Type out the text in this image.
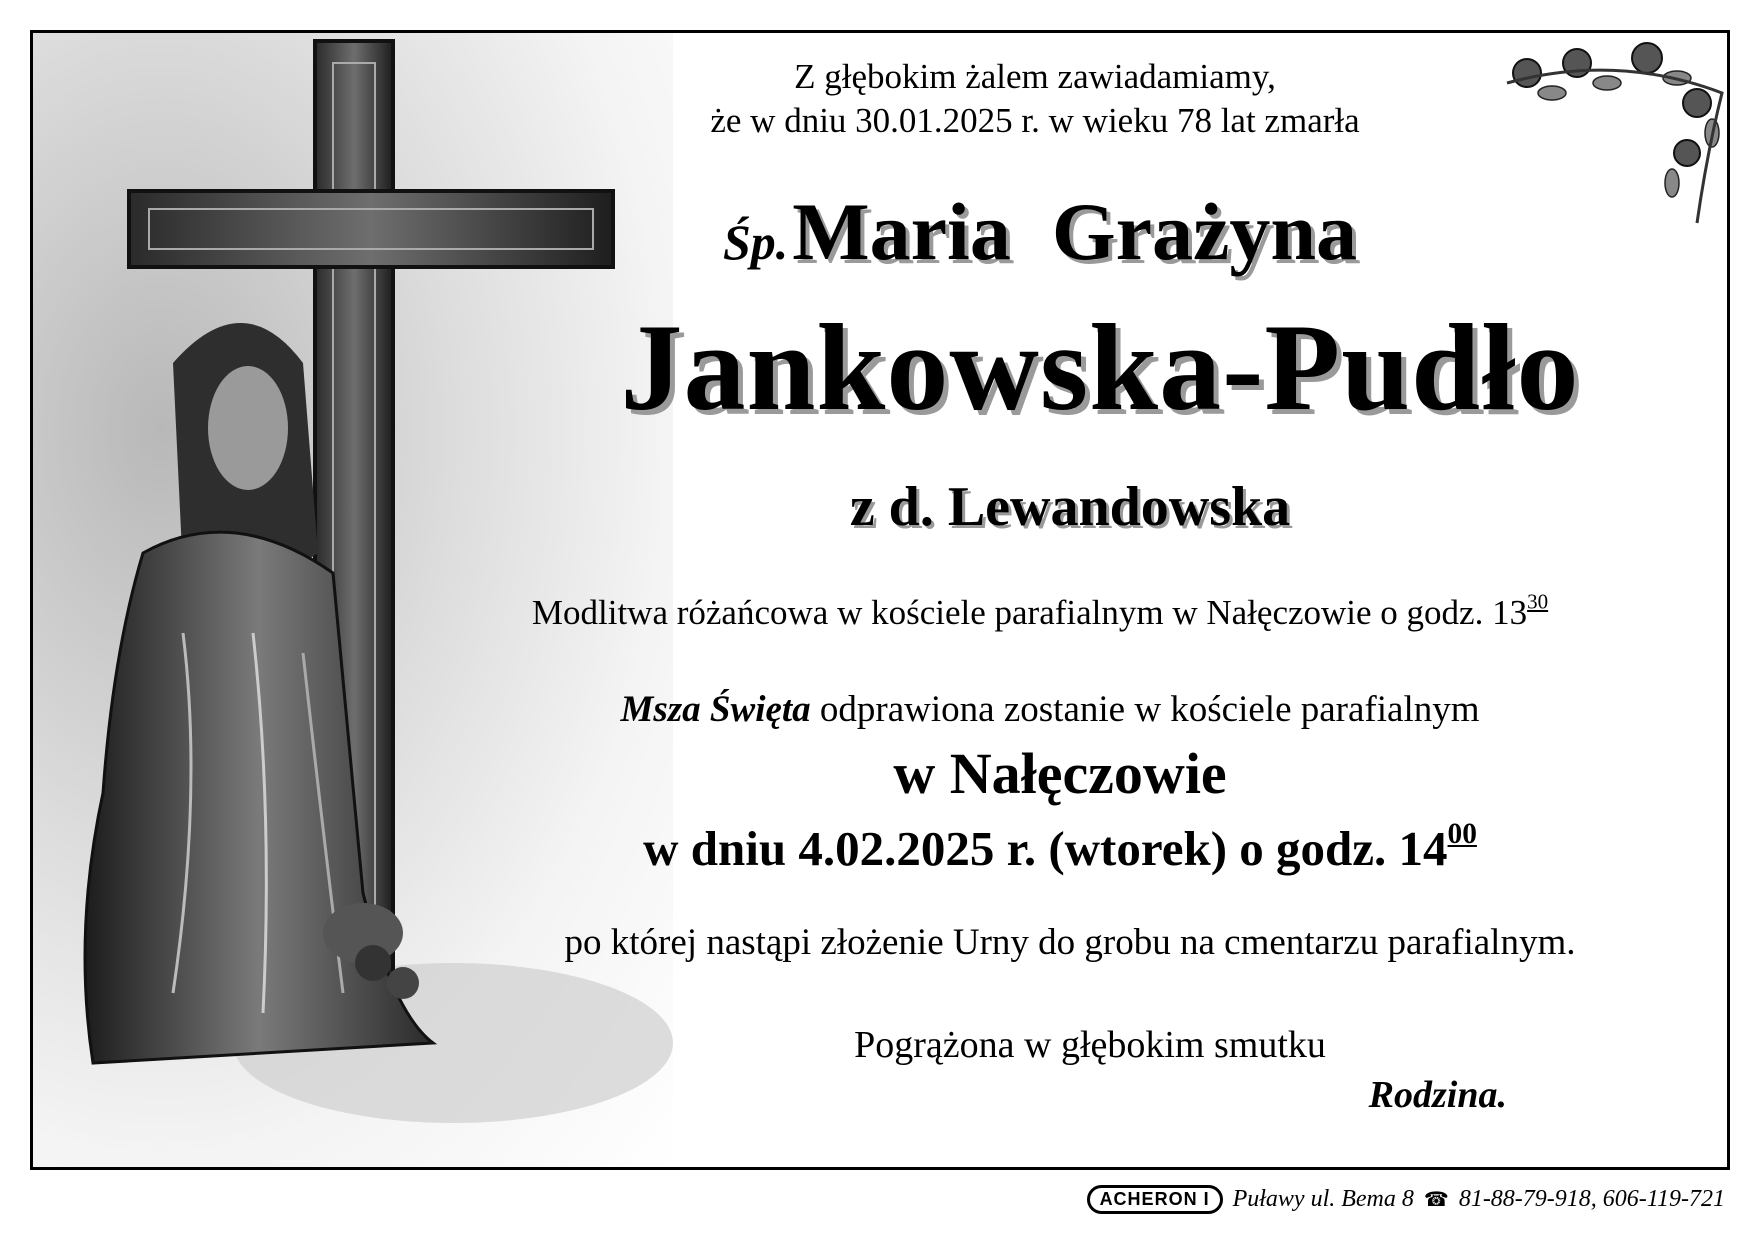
Z głębokim żalem zawiadamiamy,
że w dniu 30.01.2025 r. w wieku 78 lat zmarła
Śp. Maria  Grażyna
Jankowska-Pudło
z d. Lewandowska
Modlitwa różańcowa w kościele parafialnym w Nałęczowie o godz. $13^{30}$
Msza Święta odprawiona zostanie w kościele parafialnym
w Nałęczowie
w dniu 4.02.2025 r. (wtorek) o godz. $14^{00}$
po której nastąpi złożenie Urny do grobu na cmentarzu parafialnym.
Pogrążona w głębokim smutku
Rodzina.
ACHERON I Puławy ul. Bema 8 ☎ 81-88-79-918, 606-119-721
